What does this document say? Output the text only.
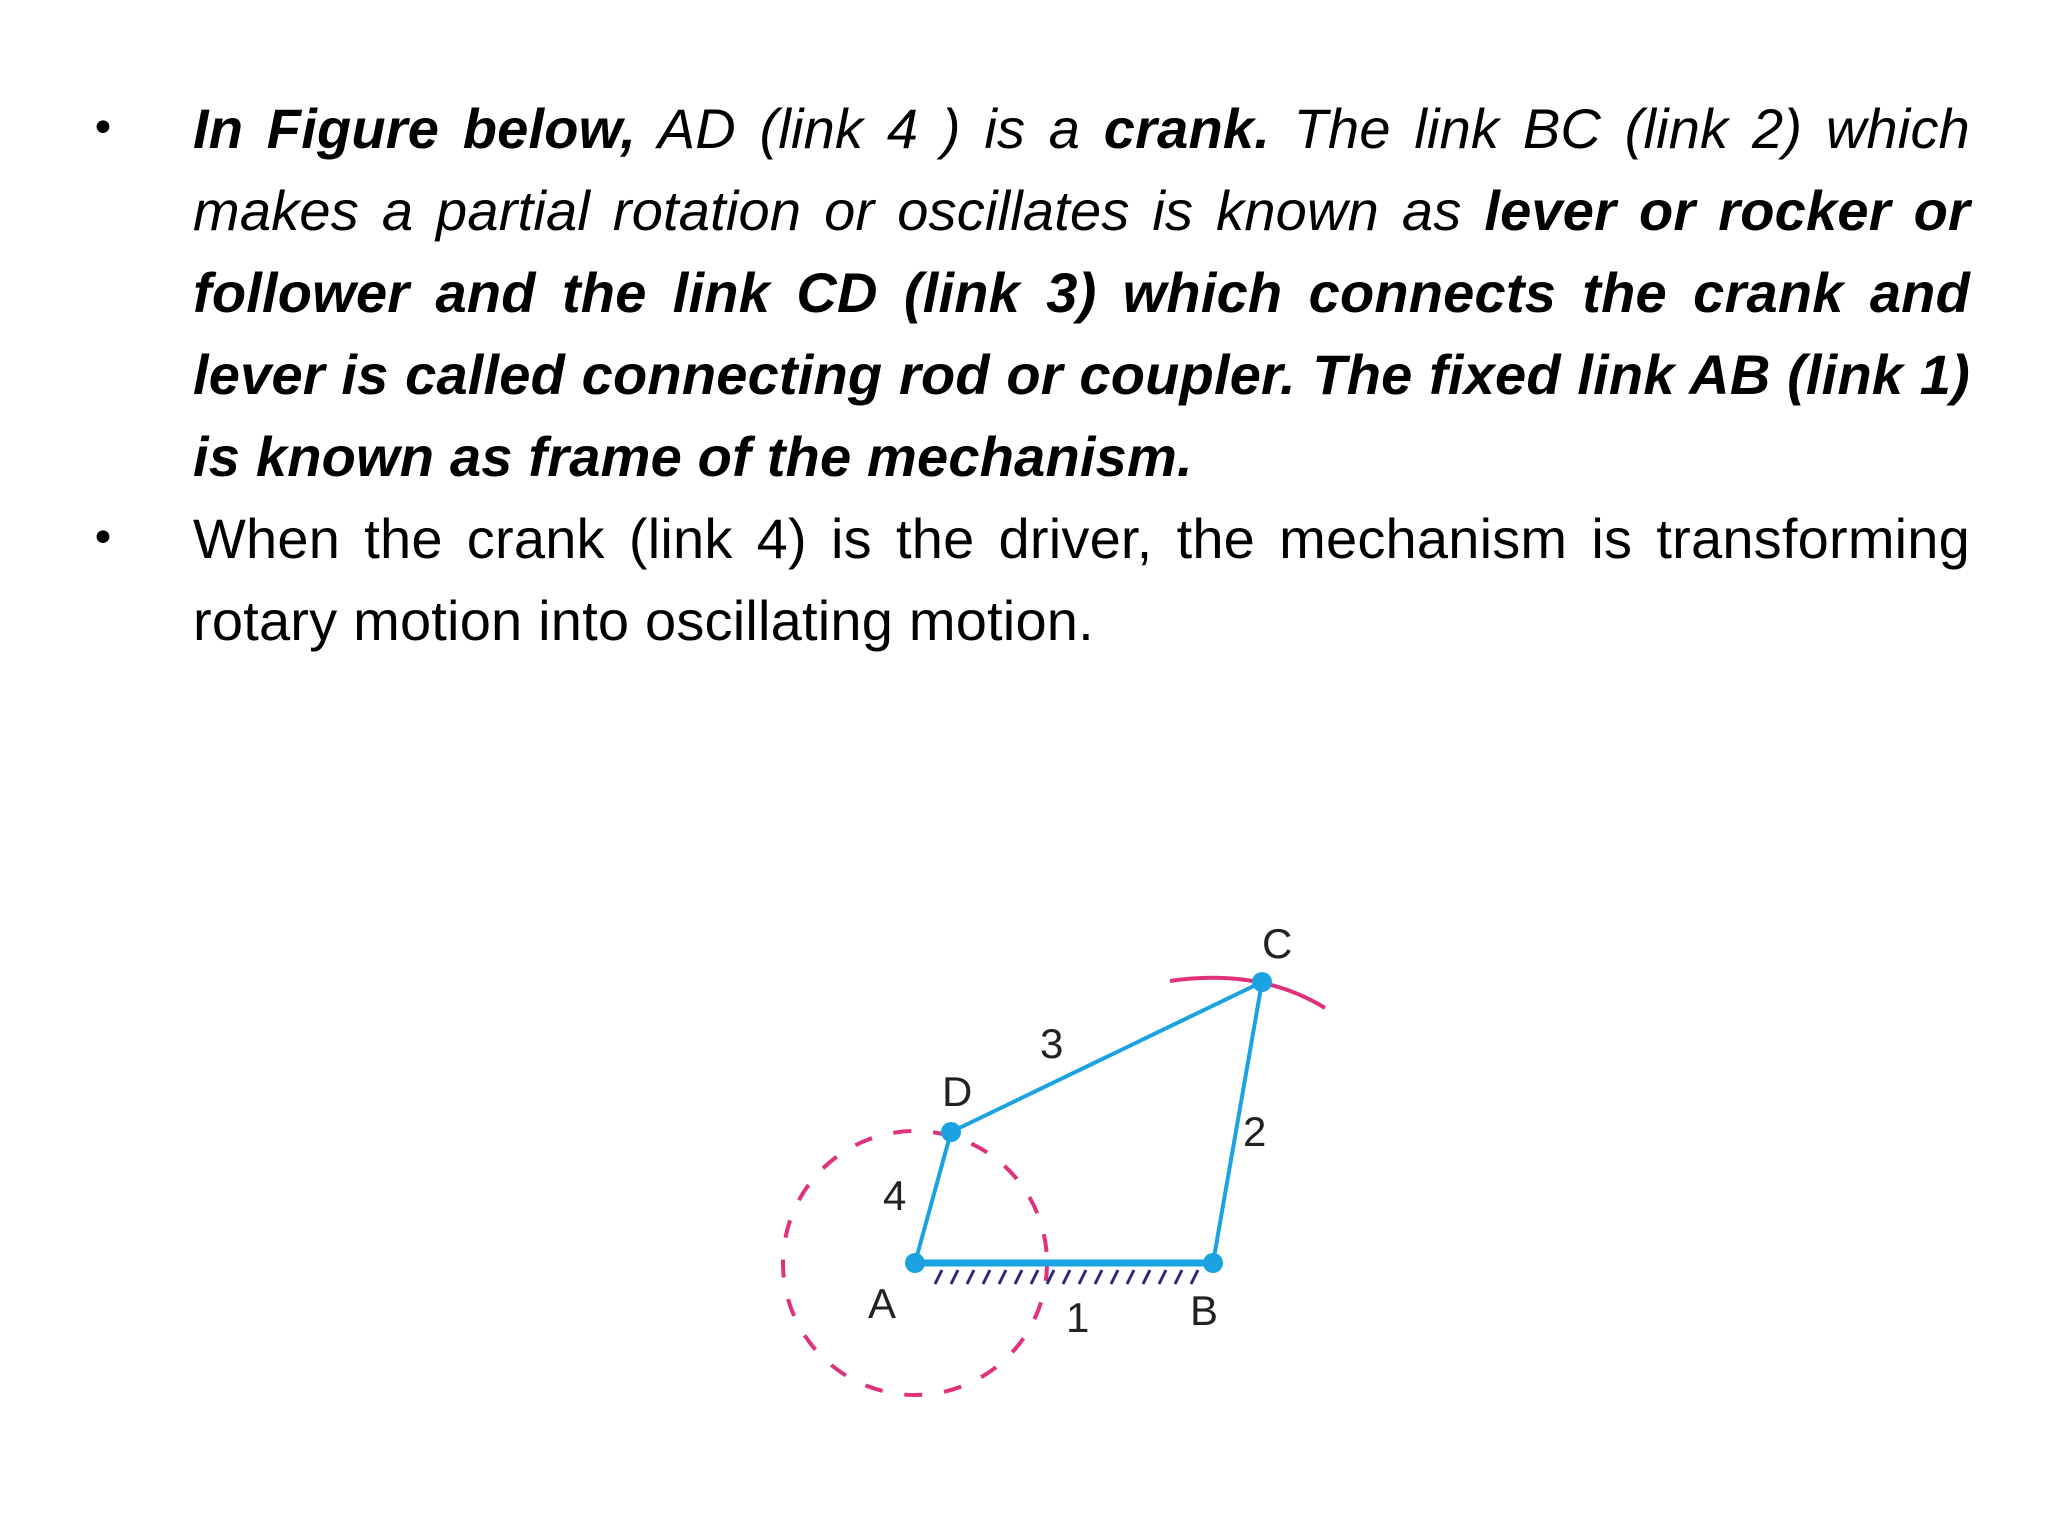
• In Figure below, AD (link 4 ) is a crank. The link BC (link 2) which makes a partial rotation or oscillates is known as lever or rocker or follower and the link CD (link 3) which connects the crank and lever is called connecting rod or coupler. The fixed link AB (link 1) is known as frame of the mechanism.
• When the crank (link 4) is the driver, the mechanism is transforming rotary motion into oscillating motion.
A	B
C
D
1
2
3
4
